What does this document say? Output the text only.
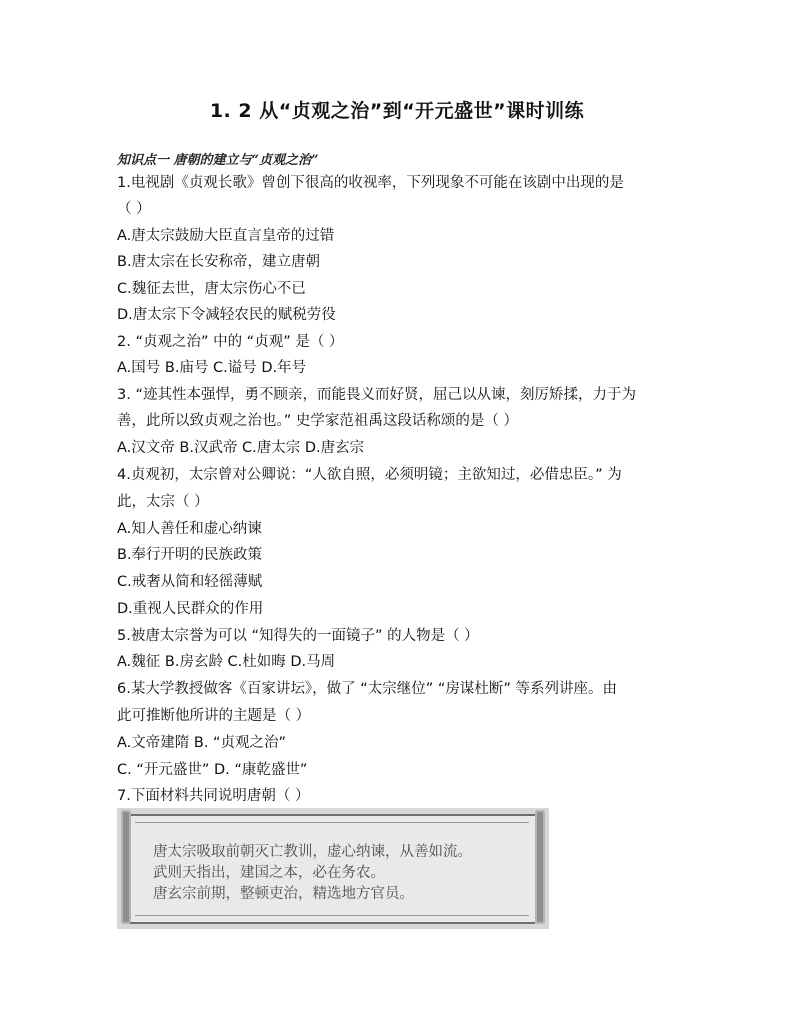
1. 2 从“贞观之治”到“开元盛世”课时训练
知识点一 唐朝的建立与“贞观之治”
1.电视剧《贞观长歌》曾创下很高的收视率，下列现象不可能在该剧中出现的是
（ ）
A.唐太宗鼓励大臣直言皇帝的过错
B.唐太宗在长安称帝，建立唐朝
C.魏征去世，唐太宗伤心不已
D.唐太宗下令减轻农民的赋税劳役
2. “贞观之治” 中的 “贞观” 是（ ）
A.国号 B.庙号 C.谥号 D.年号
3. “迹其性本强悍，勇不顾亲，而能畏义而好贤，屈己以从谏，刻厉矫揉，力于为
善，此所以致贞观之治也。” 史学家范祖禹这段话称颂的是（ ）
A.汉文帝 B.汉武帝 C.唐太宗 D.唐玄宗
4.贞观初，太宗曾对公卿说：“人欲自照，必须明镜；主欲知过，必借忠臣。” 为
此，太宗（ ）
A.知人善任和虚心纳谏
B.奉行开明的民族政策
C.戒奢从简和轻徭薄赋
D.重视人民群众的作用
5.被唐太宗誉为可以 “知得失的一面镜子” 的人物是（ ）
A.魏征 B.房玄龄 C.杜如晦 D.马周
6.某大学教授做客《百家讲坛》，做了 “太宗继位” “房谋杜断” 等系列讲座。由
此可推断他所讲的主题是（ ）
A.文帝建隋 B. “贞观之治”
C. “开元盛世” D. “康乾盛世”
7.下面材料共同说明唐朝（ ）
唐太宗吸取前朝灭亡教训，虚心纳谏，从善如流。
武则天指出，建国之本，必在务农。
唐玄宗前期，整顿吏治，精选地方官员。
